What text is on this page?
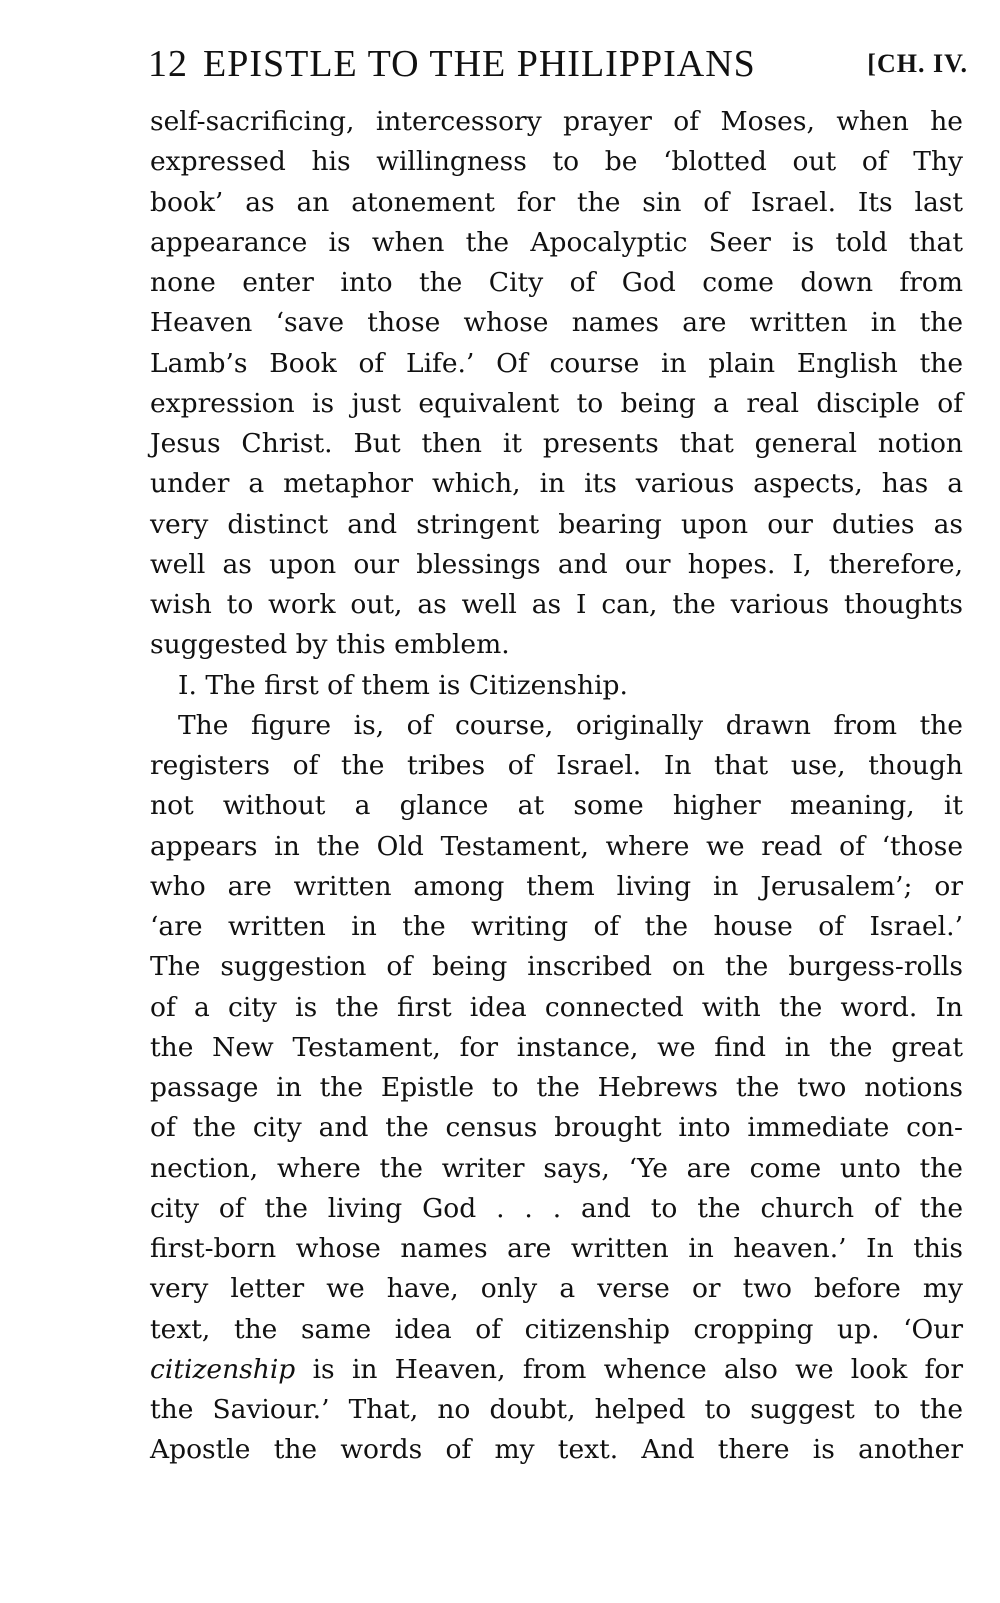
12 EPISTLE TO THE PHILIPPIANS	[CH. IV.
self-sacrificing, intercessory prayer of Moses, when he
expressed his willingness to be ‘blotted out of Thy
book’ as an atonement for the sin of Israel. Its last
appearance is when the Apocalyptic Seer is told that
none enter into the City of God come down from
Heaven ‘save those whose names are written in the
Lamb’s Book of Life.’ Of course in plain English the
expression is just equivalent to being a real disciple of
Jesus Christ. But then it presents that general notion
under a metaphor which, in its various aspects, has a
very distinct and stringent bearing upon our duties as
well as upon our blessings and our hopes. I, therefore,
wish to work out, as well as I can, the various thoughts
suggested by this emblem.
I. The first of them is Citizenship.
The figure is, of course, originally drawn from the
registers of the tribes of Israel. In that use, though
not without a glance at some higher meaning, it
appears in the Old Testament, where we read of ‘those
who are written among them living in Jerusalem’; or
‘are written in the writing of the house of Israel.’
The suggestion of being inscribed on the burgess-rolls
of a city is the first idea connected with the word. In
the New Testament, for instance, we find in the great
passage in the Epistle to the Hebrews the two notions
of the city and the census brought into immediate con-
nection, where the writer says, ‘Ye are come unto the
city of the living God . . . and to the church of the
first-born whose names are written in heaven.’ In this
very letter we have, only a verse or two before my
text, the same idea of citizenship cropping up. ‘Our
citizenship is in Heaven, from whence also we look for
the Saviour.’ That, no doubt, helped to suggest to the
Apostle the words of my text. And there is another
